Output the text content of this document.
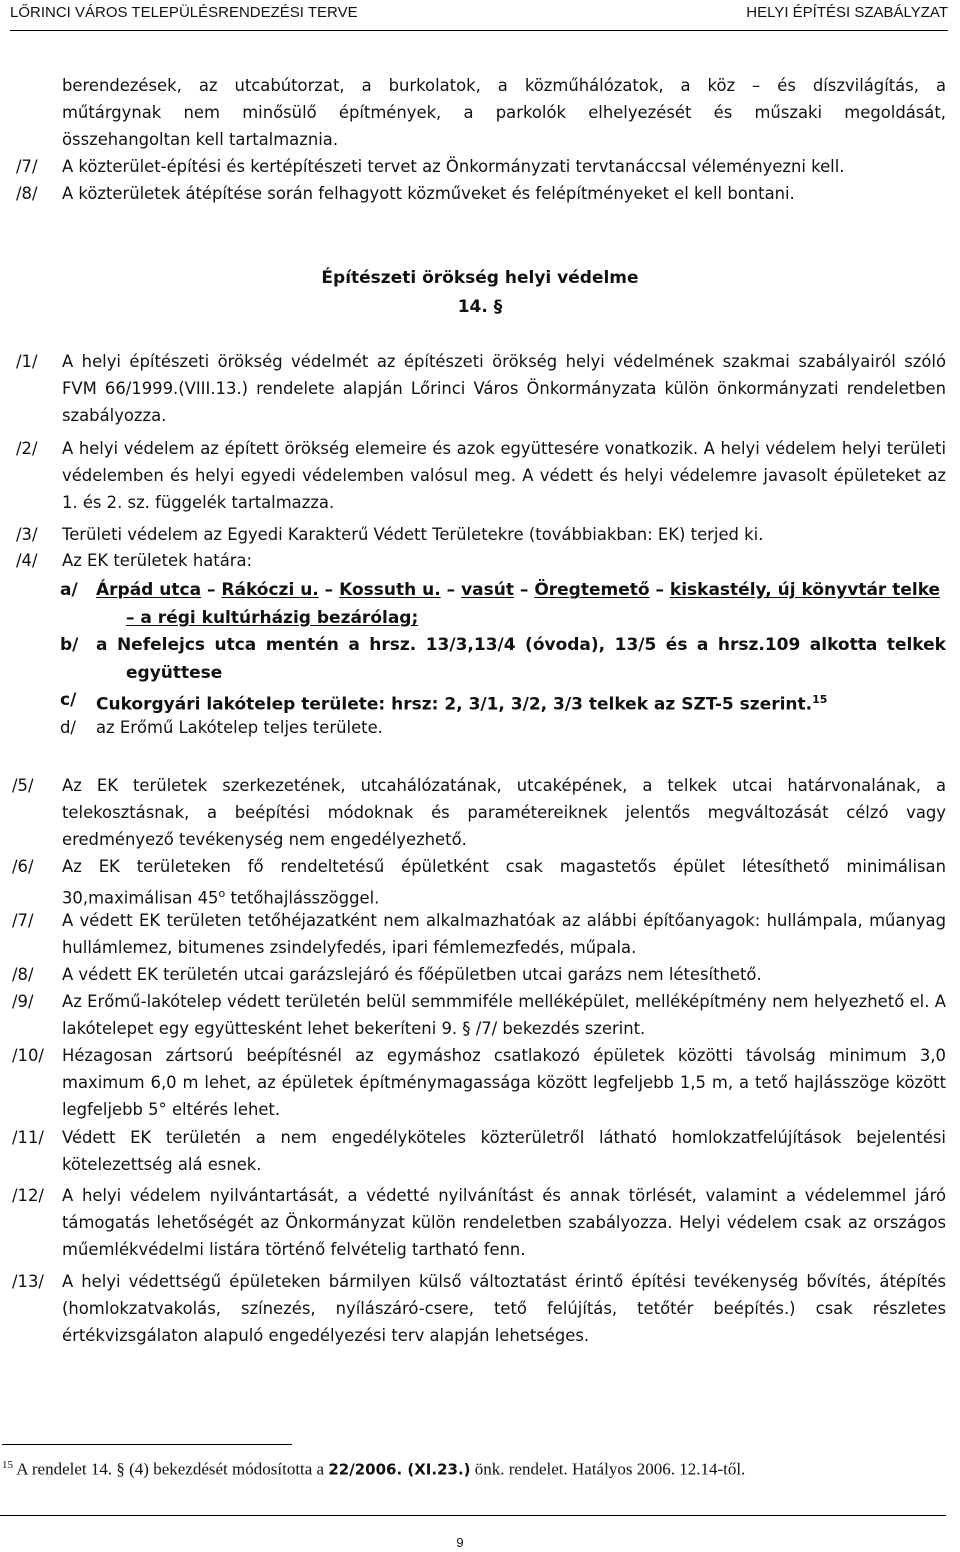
LŐRINCI VÁROS TELEPÜLÉSRENDEZÉSI TERVE	HELYI ÉPÍTÉSI SZABÁLYZAT
berendezések, az utcabútorzat, a burkolatok, a közműhálózatok, a köz – és díszvilágítás, a
műtárgynak nem minősülő építmények, a parkolók elhelyezését és műszaki megoldását,
összehangoltan kell tartalmaznia.
/7/ A közterület-építési és kertépítészeti tervet az Önkormányzati tervtanáccsal véleményezni kell.
/8/ A közterületek átépítése során felhagyott közműveket és felépítményeket el kell bontani.
Építészeti örökség helyi védelme
14. §
/1/ A helyi építészeti örökség védelmét az építészeti örökség helyi védelmének szakmai szabályairól szóló FVM 66/1999.(VIII.13.) rendelete alapján Lőrinci Város Önkormányzata külön önkormányzati rendeletben szabályozza.
/2/ A helyi védelem az épített örökség elemeire és azok együttesére vonatkozik. A helyi védelem helyi területi védelemben és helyi egyedi védelemben valósul meg. A védett és helyi védelemre javasolt épületeket az 1. és 2. sz. függelék tartalmazza.
/3/ Területi védelem az Egyedi Karakterű Védett Területekre (továbbiakban: EK) terjed ki.
/4/ Az EK területek határa:
a/ Árpád utca – Rákóczi u. – Kossuth u. – vasút – Öregtemető – kiskastély, új könyvtár telke
– a régi kultúrházig bezárólag;
b/ a Nefelejcs utca mentén a hrsz. 13/3,13/4 (óvoda), 13/5 és a hrsz.109 alkotta telkek
együttese
c/ Cukorgyári lakótelep területe: hrsz: 2, 3/1, 3/2, 3/3 telkek az SZT-5 szerint.$^{15}$
d/ az Erőmű Lakótelep teljes területe.
/5/ Az EK területek szerkezetének, utcahálózatának, utcaképének, a telkek utcai határvonalának, a telekosztásnak, a beépítési módoknak és paramétereiknek jelentős megváltozását célzó vagy eredményező tevékenység nem engedélyezhető.
/6/ Az EK területeken fő rendeltetésű épületként csak magastetős épület létesíthető minimálisan 30,maximálisan 45$^o$ tetőhajlásszöggel.
/7/ A védett EK területen tetőhéjazatként nem alkalmazhatóak az alábbi építőanyagok: hullámpala, műanyag hullámlemez, bitumenes zsindelyfedés, ipari fémlemezfedés, műpala.
/8/ A védett EK területén utcai garázslejáró és főépületben utcai garázs nem létesíthető.
/9/ Az Erőmű-lakótelep védett területén belül semmmiféle melléképület, melléképítmény nem helyezhető el. A lakótelepet egy együttesként lehet bekeríteni 9. § /7/ bekezdés szerint.
/10/ Hézagosan zártsorú beépítésnél az egymáshoz csatlakozó épületek közötti távolság minimum 3,0 maximum 6,0 m lehet, az épületek építménymagassága között legfeljebb 1,5 m, a tető hajlásszöge között legfeljebb 5° eltérés lehet.
/11/ Védett EK területén a nem engedélyköteles közterületről látható homlokzatfelújítások bejelentési kötelezettség alá esnek.
/12/ A helyi védelem nyilvántartását, a védetté nyilvánítást és annak törlését, valamint a védelemmel járó támogatás lehetőségét az Önkormányzat külön rendeletben szabályozza. Helyi védelem csak az országos műemlékvédelmi listára történő felvételig tartható fenn.
/13/ A helyi védettségű épületeken bármilyen külső változtatást érintő építési tevékenység bővítés, átépítés (homlokzatvakolás, színezés, nyílászáró-csere, tető felújítás, tetőtér beépítés.) csak részletes értékvizsgálaton alapuló engedélyezési terv alapján lehetséges.
$^{15}$ A rendelet 14. § (4) bekezdését módosította a 22/2006. (XI.23.) önk. rendelet. Hatályos 2006. 12.14-től.
9
